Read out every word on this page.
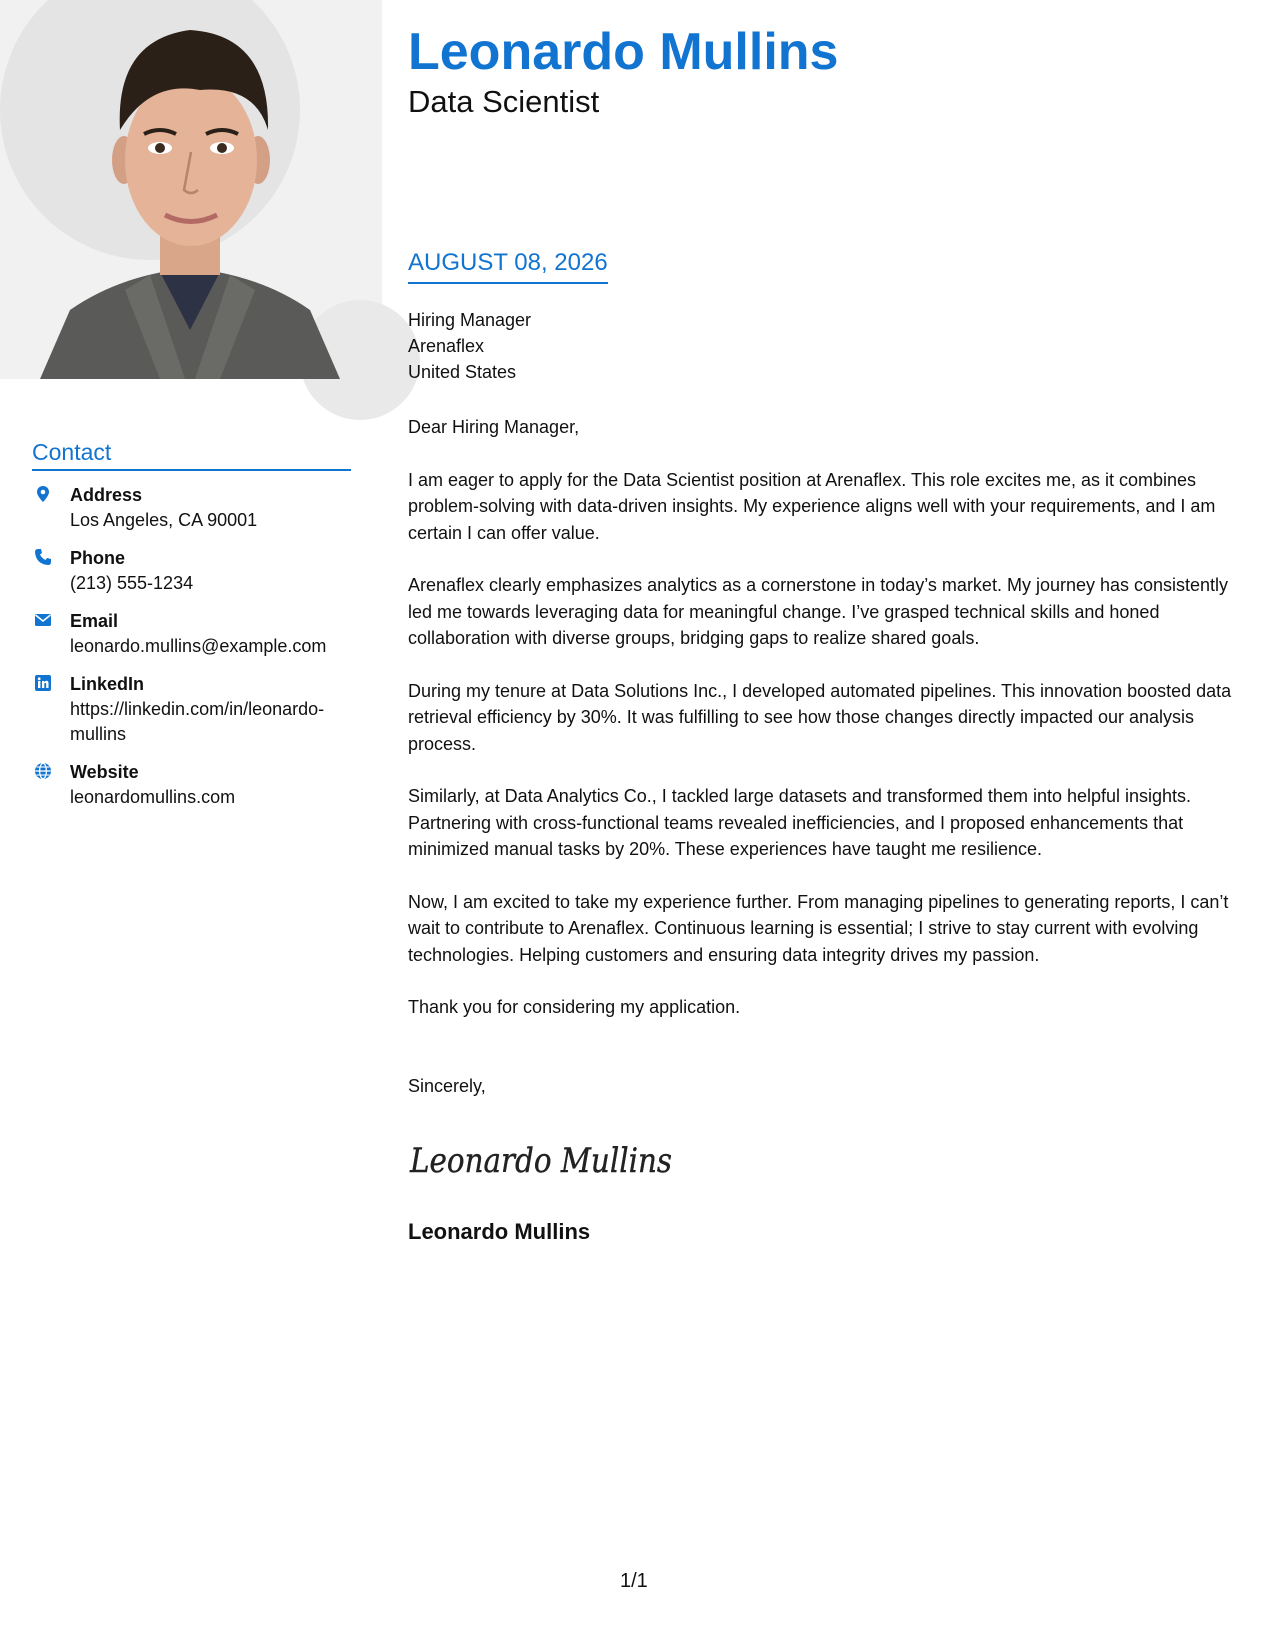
Contact
Address
Los Angeles, CA 90001
Phone
(213) 555-1234
Email
leonardo.mullins@example.com
LinkedIn
https://linkedin.com/in/leonardo-mullins
Website
leonardomullins.com
Leonardo Mullins
Data Scientist
AUGUST 08, 2026
Hiring Manager
Arenaflex
United States

Dear Hiring Manager,

I am eager to apply for the Data Scientist position at Arenaflex. This role excites me, as it combines problem-solving with data-driven insights. My experience aligns well with your requirements, and I am certain I can offer value.

Arenaflex clearly emphasizes analytics as a cornerstone in today’s market. My journey has consistently led me towards leveraging data for meaningful change. I’ve grasped technical skills and honed collaboration with diverse groups, bridging gaps to realize shared goals.

During my tenure at Data Solutions Inc., I developed automated pipelines. This innovation boosted data retrieval efficiency by 30%. It was fulfilling to see how those changes directly impacted our analysis process.

Similarly, at Data Analytics Co., I tackled large datasets and transformed them into helpful insights. Partnering with cross-functional teams revealed inefficiencies, and I proposed enhancements that minimized manual tasks by 20%. These experiences have taught me resilience.

Now, I am excited to take my experience further. From managing pipelines to generating reports, I can’t wait to contribute to Arenaflex. Continuous learning is essential; I strive to stay current with evolving technologies. Helping customers and ensuring data integrity drives my passion.

Thank you for considering my application.

Sincerely,
Leonardo Mullins
Leonardo Mullins
1/1
